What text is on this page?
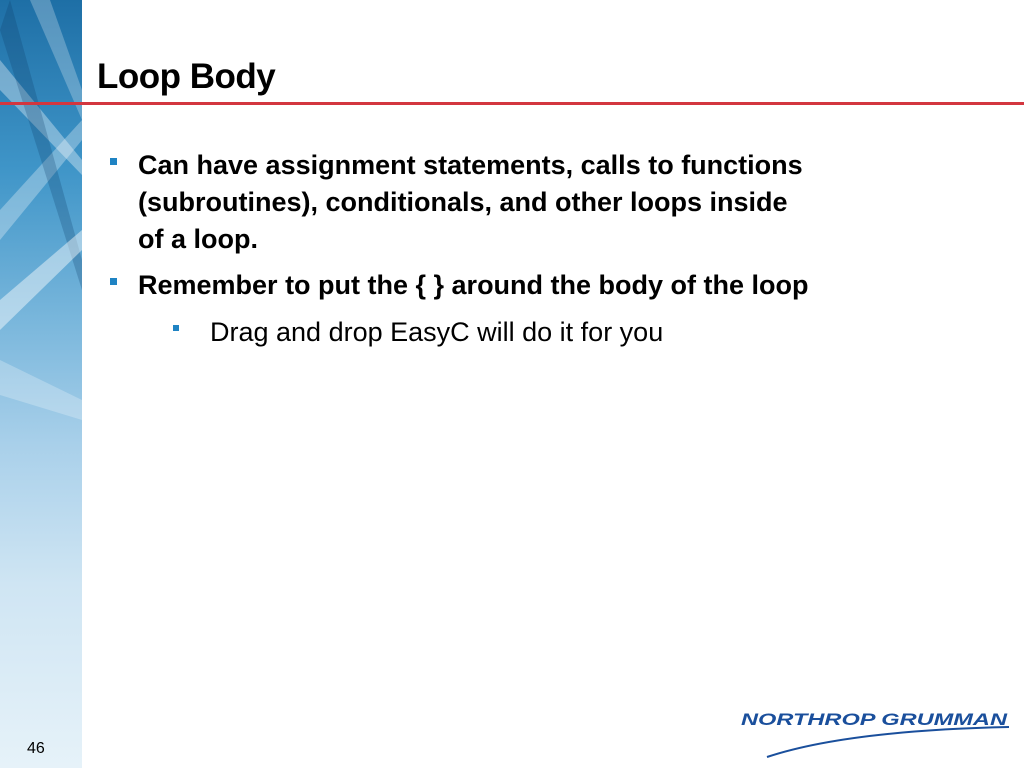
Loop Body
Can have assignment statements, calls to functions
(subroutines), conditionals, and other loops inside
of a loop.
Remember to put the { } around the body of the loop
Drag and drop EasyC will do it for you
46
NORTHROP GRUMMAN
